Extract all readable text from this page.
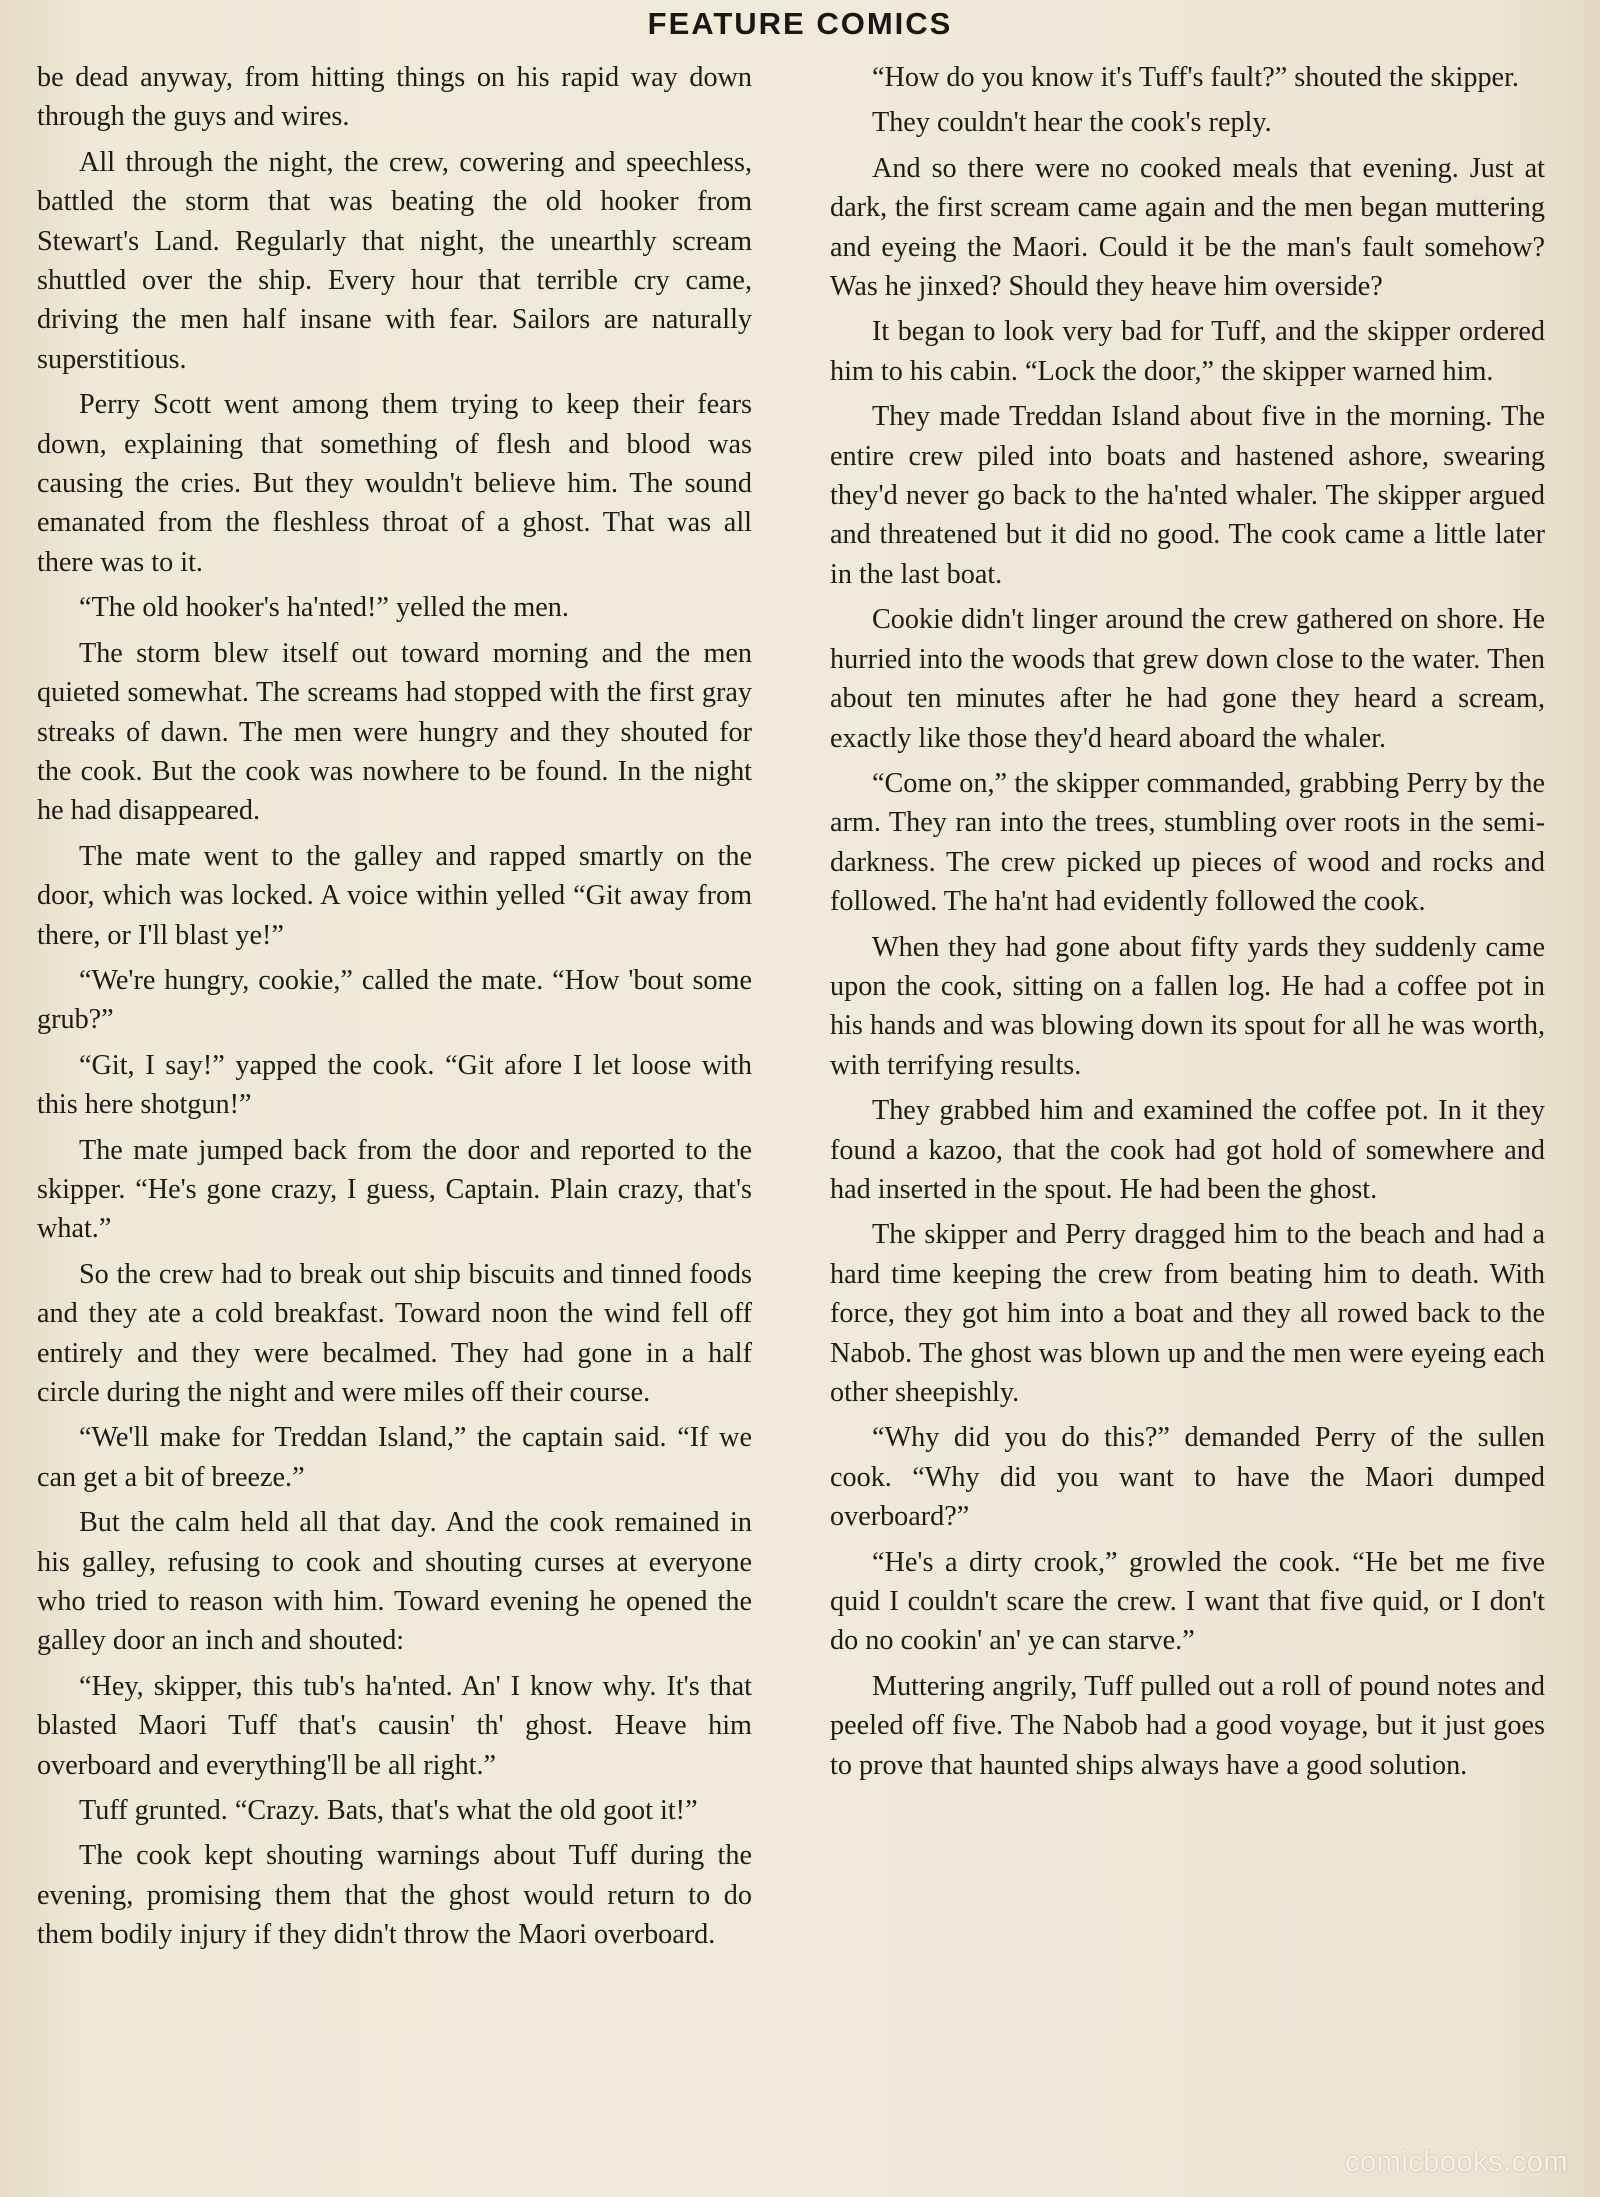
FEATURE COMICS

be dead anyway, from hitting things on his rapid way down through the guys and wires.

All through the night, the crew, cowering and speechless, battled the storm that was beating the old hooker from Stewart's Land. Regularly that night, the unearthly scream shuttled over the ship. Every hour that terrible cry came, driving the men half insane with fear. Sailors are naturally superstitious.

Perry Scott went among them trying to keep their fears down, explaining that something of flesh and blood was causing the cries. But they wouldn't believe him. The sound emanated from the fleshless throat of a ghost. That was all there was to it.

“The old hooker's ha'nted!” yelled the men.

The storm blew itself out toward morning and the men quieted somewhat. The screams had stopped with the first gray streaks of dawn. The men were hungry and they shouted for the cook. But the cook was nowhere to be found. In the night he had disappeared.

The mate went to the galley and rapped smartly on the door, which was locked. A voice within yelled “Git away from there, or I'll blast ye!”

“We're hungry, cookie,” called the mate. “How 'bout some grub?”

“Git, I say!” yapped the cook. “Git afore I let loose with this here shotgun!”

The mate jumped back from the door and reported to the skipper. “He's gone crazy, I guess, Captain. Plain crazy, that's what.”

So the crew had to break out ship biscuits and tinned foods and they ate a cold breakfast. Toward noon the wind fell off entirely and they were becalmed. They had gone in a half circle during the night and were miles off their course.

“We'll make for Treddan Island,” the captain said. “If we can get a bit of breeze.”

But the calm held all that day. And the cook remained in his galley, refusing to cook and shouting curses at everyone who tried to reason with him. Toward evening he opened the galley door an inch and shouted:

“Hey, skipper, this tub's ha'nted. An' I know why. It's that blasted Maori Tuff that's causin' th' ghost. Heave him overboard and everything'll be all right.”

Tuff grunted. “Crazy. Bats, that's what the old goot it!”

The cook kept shouting warnings about Tuff during the evening, promising them that the ghost would return to do them bodily injury if they didn't throw the Maori overboard.

“How do you know it's Tuff's fault?” shouted the skipper.

They couldn't hear the cook's reply.

And so there were no cooked meals that evening. Just at dark, the first scream came again and the men began muttering and eyeing the Maori. Could it be the man's fault somehow? Was he jinxed? Should they heave him overside?

It began to look very bad for Tuff, and the skipper ordered him to his cabin. “Lock the door,” the skipper warned him.

They made Treddan Island about five in the morning. The entire crew piled into boats and hastened ashore, swearing they'd never go back to the ha'nted whaler. The skipper argued and threatened but it did no good. The cook came a little later in the last boat.

Cookie didn't linger around the crew gathered on shore. He hurried into the woods that grew down close to the water. Then about ten minutes after he had gone they heard a scream, exactly like those they'd heard aboard the whaler.

“Come on,” the skipper commanded, grabbing Perry by the arm. They ran into the trees, stumbling over roots in the semi-darkness. The crew picked up pieces of wood and rocks and followed. The ha'nt had evidently followed the cook.

When they had gone about fifty yards they suddenly came upon the cook, sitting on a fallen log. He had a coffee pot in his hands and was blowing down its spout for all he was worth, with terrifying results.

They grabbed him and examined the coffee pot. In it they found a kazoo, that the cook had got hold of somewhere and had inserted in the spout. He had been the ghost.

The skipper and Perry dragged him to the beach and had a hard time keeping the crew from beating him to death. With force, they got him into a boat and they all rowed back to the Nabob. The ghost was blown up and the men were eyeing each other sheepishly.

“Why did you do this?” demanded Perry of the sullen cook. “Why did you want to have the Maori dumped overboard?”

“He's a dirty crook,” growled the cook. “He bet me five quid I couldn't scare the crew. I want that five quid, or I don't do no cookin' an' ye can starve.”

Muttering angrily, Tuff pulled out a roll of pound notes and peeled off five. The Nabob had a good voyage, but it just goes to prove that haunted ships always have a good solution.

comicbooks.com
